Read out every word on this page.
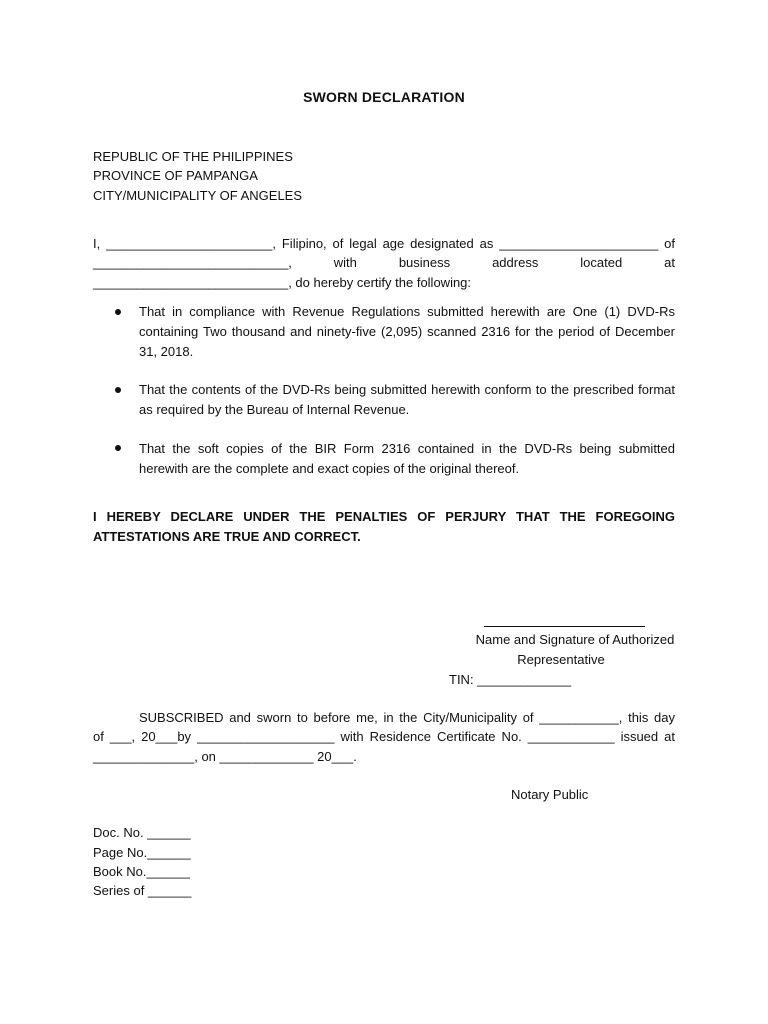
SWORN DECLARATION
REPUBLIC OF THE PHILIPPINES
PROVINCE OF PAMPANGA
CITY/MUNICIPALITY OF ANGELES
I, _______________________, Filipino, of legal age designated as ______________________ of
___________________________,	with	business	address	located	at
___________________________, do hereby certify the following:
That in compliance with Revenue Regulations submitted herewith are One (1) DVD-Rs containing Two thousand and ninety-five (2,095) scanned 2316 for the period of December 31, 2018.
That the contents of the DVD-Rs being submitted herewith conform to the prescribed format as required by the Bureau of Internal Revenue.
That the soft copies of the BIR Form 2316 contained in the DVD-Rs being submitted herewith are the complete and exact copies of the original thereof.
I HEREBY DECLARE UNDER THE PENALTIES OF PERJURY THAT THE FOREGOING ATTESTATIONS ARE TRUE AND CORRECT.
Name and Signature of Authorized
Representative
TIN: _____________
SUBSCRIBED and sworn to before me, in the City/Municipality of ___________, this day
of ___, 20___by ___________________ with Residence Certificate No. ____________ issued at
______________, on _____________ 20___.
Notary Public
Doc. No. ______
Page No.______
Book No.______
Series of ______
